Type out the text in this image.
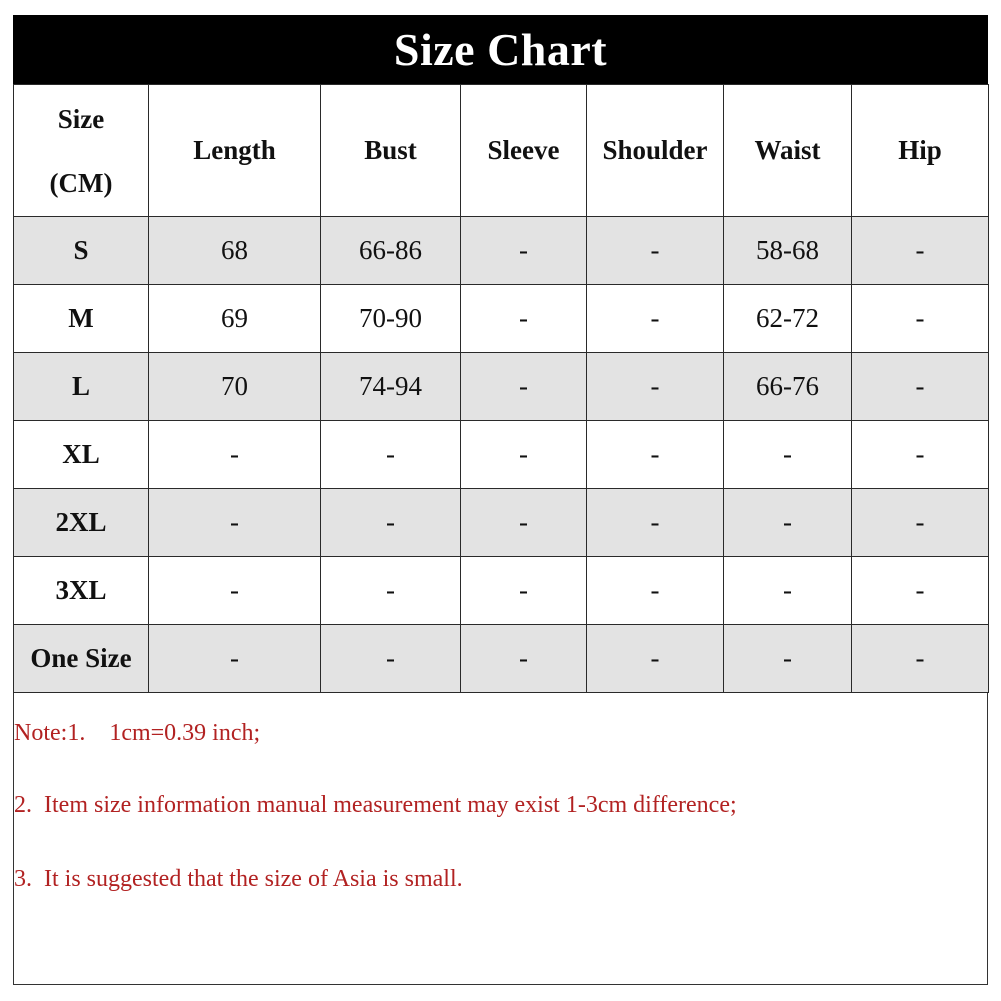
Size Chart
Size
(CM)	Length	Bust	Sleeve	Shoulder	Waist	Hip
S	68	66-86	-	-	58-68	-
M	69	70-90	-	-	62-72	-
L	70	74-94	-	-	66-76	-
XL	-	-	-	-	-	-
2XL	-	-	-	-	-	-
3XL	-	-	-	-	-	-
One Size	-	-	-	-	-	-
Note:1.    1cm=0.39 inch;
2.  Item size information manual measurement may exist 1-3cm difference;
3.  It is suggested that the size of Asia is small.
